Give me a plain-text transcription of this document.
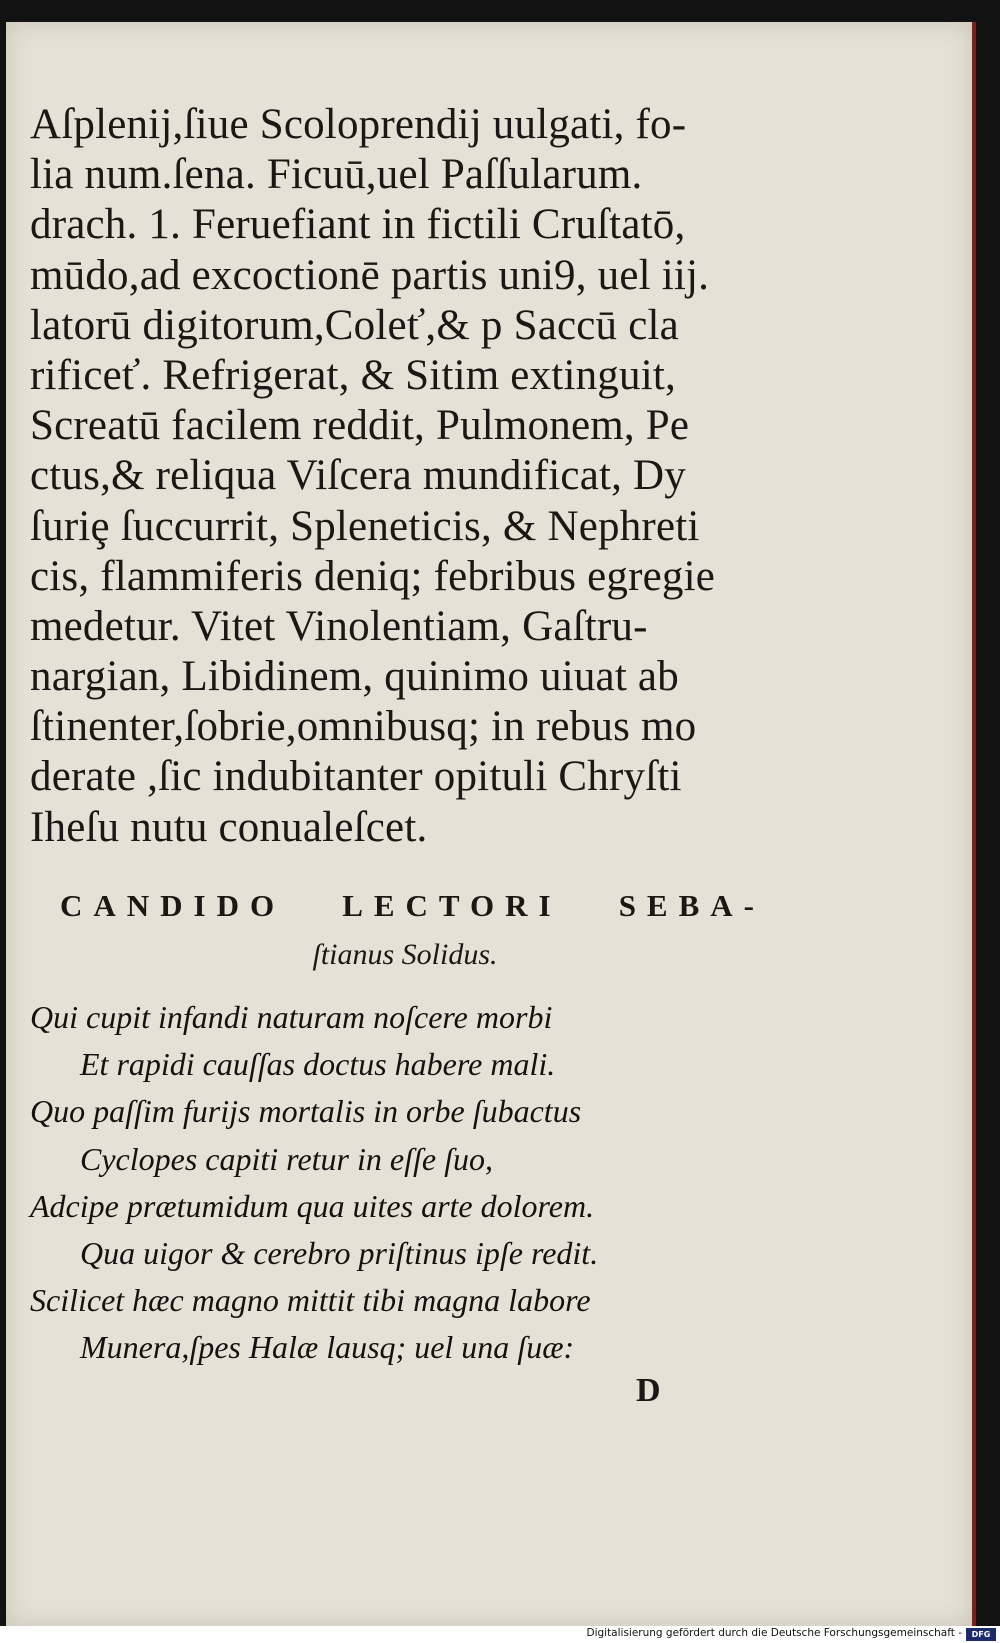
Aſplenij,ſiue Scoloprendij uulgati, fo-
lia num.ſena. Ficuū,uel Paſſularum.
drach. 1. Feruefiant in fictili Cruſtatō,
mūdo,ad excoctionē partis uni9, uel iij.
latorū digitorum,Coleť,& p Saccū cla
rificeť. Refrigerat, & Sitim extinguit,
Screatū facilem reddit, Pulmonem, Pe
ctus,& reliqua Viſcera mundificat, Dy
ſuriȩ ſuccurrit, Spleneticis, & Nephreti
cis, flammiferis deniq; febribus egregie
medetur. Vitet Vinolentiam, Gaſtru-
nargian, Libidinem, quinimo uiuat ab
ſtinenter,ſobrie,omnibusq; in rebus mo
derate ,ſic indubitanter opituli Chryſti
Iheſu nutu conualeſcet.
CANDIDO LECTORI SEBA-
ſtianus Solidus.
Qui cupit infandi naturam noſcere morbi
Et rapidi cauſſas doctus habere mali.
Quo paſſim furijs mortalis in orbe ſubactus
Cyclopes capiti retur in eſſe ſuo,
Adcipe prætumidum qua uites arte dolorem.
Qua uigor & cerebro priſtinus ipſe redit.
Scilicet hæc magno mittit tibi magna labore
Munera,ſpes Halæ lausq; uel una ſuæ:
D
Digitalisierung gefördert durch die Deutsche Forschungsgemeinschaft -	DFG
